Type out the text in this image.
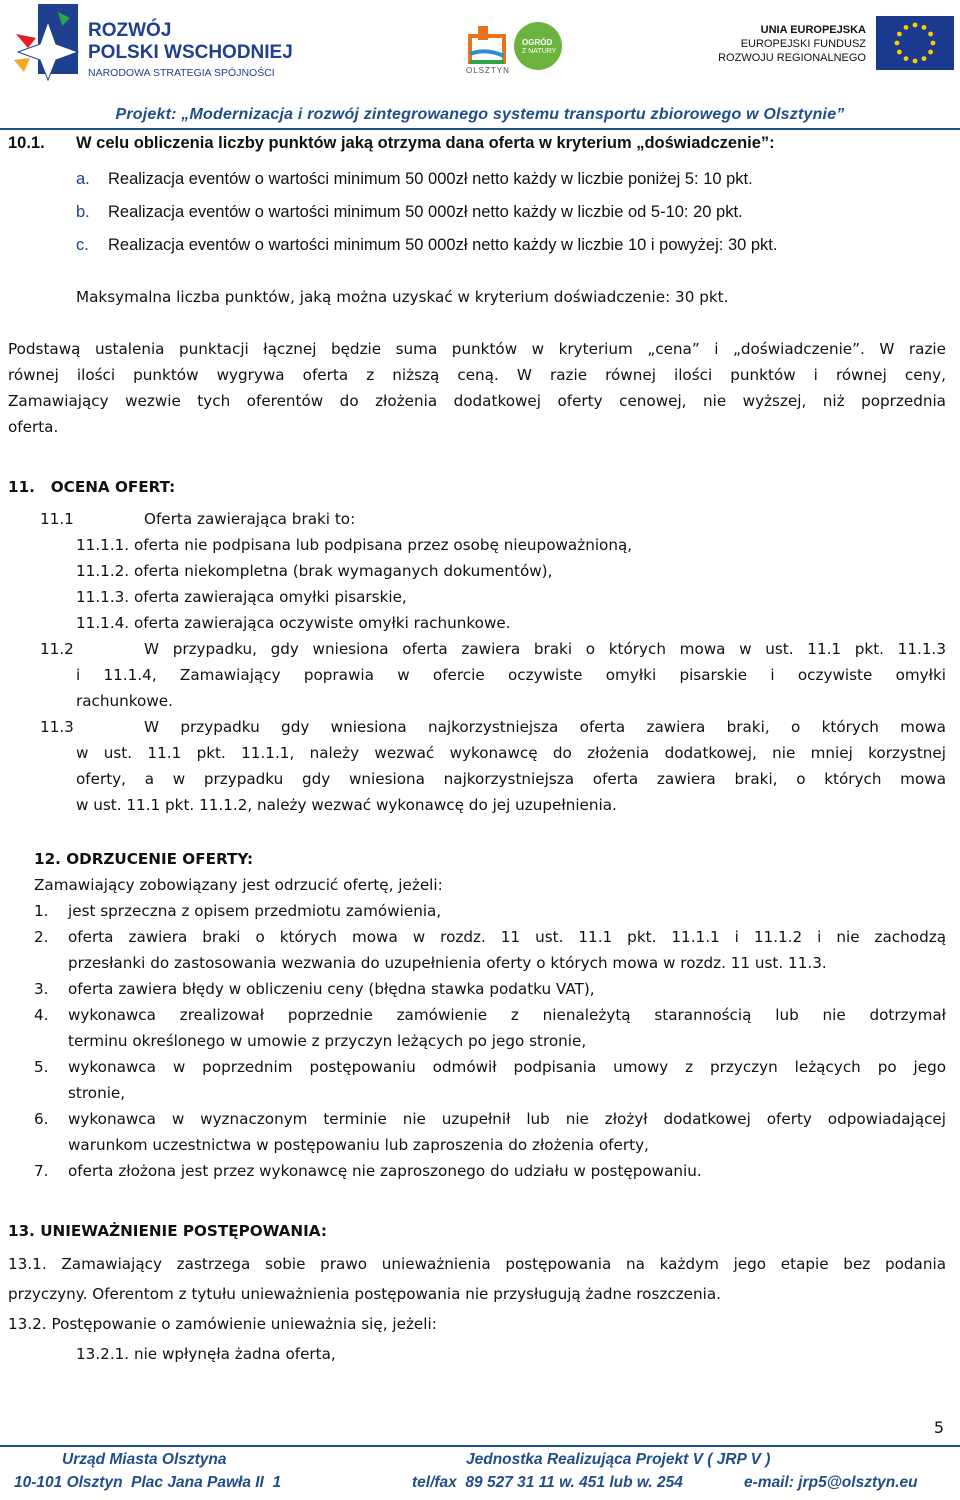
ROZWÓJ
POLSKI WSCHODNIEJ
NARODOWA STRATEGIA SPÓJNOŚCI	OLSZTYN
OGRÓD
Z NATURY
UNIA EUROPEJSKA
EUROPEJSKI FUNDUSZ
ROZWOJU REGIONALNEGO
Projekt: „Modernizacja i rozwój zintegrowanego systemu transportu zbiorowego w Olsztynie”
10.1. W celu obliczenia liczby punktów jaką otrzyma dana oferta w kryterium „doświadczenie”:
a. Realizacja eventów o wartości minimum 50 000zł netto każdy w liczbie poniżej 5: 10 pkt.
b. Realizacja eventów o wartości minimum 50 000zł netto każdy w liczbie od 5-10: 20 pkt.
c. Realizacja eventów o wartości minimum 50 000zł netto każdy w liczbie 10 i powyżej: 30 pkt.
Maksymalna liczba punktów, jaką można uzyskać w kryterium doświadczenie: 30 pkt.
Podstawą ustalenia punktacji łącznej będzie suma punktów w kryterium „cena” i „doświadczenie”. W razie
równej ilości punktów wygrywa oferta z niższą ceną. W razie równej ilości punktów i równej ceny,
Zamawiający wezwie tych oferentów do złożenia dodatkowej oferty cenowej, nie wyższej, niż poprzednia
oferta.
11.   OCENA OFERT:
11.1	Oferta zawierająca braki to:
11.1.1. oferta nie podpisana lub podpisana przez osobę nieupoważnioną,
11.1.2. oferta niekompletna (brak wymaganych dokumentów),
11.1.3. oferta zawierająca omyłki pisarskie,
11.1.4. oferta zawierająca oczywiste omyłki rachunkowe.
11.2	W przypadku, gdy wniesiona oferta zawiera braki o których mowa w ust. 11.1 pkt. 11.1.3
i 11.1.4, Zamawiający poprawia w ofercie oczywiste omyłki pisarskie i oczywiste omyłki
rachunkowe.
11.3	W przypadku gdy wniesiona najkorzystniejsza oferta zawiera braki, o których mowa
w ust. 11.1 pkt. 11.1.1, należy wezwać wykonawcę do złożenia dodatkowej, nie mniej korzystnej
oferty, a w przypadku gdy wniesiona najkorzystniejsza oferta zawiera braki, o których mowa
w ust. 11.1 pkt. 11.1.2, należy wezwać wykonawcę do jej uzupełnienia.
12. ODRZUCENIE OFERTY:
Zamawiający zobowiązany jest odrzucić ofertę, jeżeli:
1. jest sprzeczna z opisem przedmiotu zamówienia,
2. oferta zawiera braki o których mowa w rozdz. 11 ust. 11.1 pkt. 11.1.1 i 11.1.2 i nie zachodzą
przesłanki do zastosowania wezwania do uzupełnienia oferty o których mowa w rozdz. 11 ust. 11.3.
3. oferta zawiera błędy w obliczeniu ceny (błędna stawka podatku VAT),
4. wykonawca zrealizował poprzednie zamówienie z nienależytą starannością lub nie dotrzymał
terminu określonego w umowie z przyczyn leżących po jego stronie,
5. wykonawca w poprzednim postępowaniu odmówił podpisania umowy z przyczyn leżących po jego
stronie,
6. wykonawca w wyznaczonym terminie nie uzupełnił lub nie złożył dodatkowej oferty odpowiadającej
warunkom uczestnictwa w postępowaniu lub zaproszenia do złożenia oferty,
7. oferta złożona jest przez wykonawcę nie zaproszonego do udziału w postępowaniu.
13. UNIEWAŻNIENIE POSTĘPOWANIA:
13.1. Zamawiający zastrzega sobie prawo unieważnienia postępowania na każdym jego etapie bez podania
przyczyny. Oferentom z tytułu unieważnienia postępowania nie przysługują żadne roszczenia.
13.2. Postępowanie o zamówienie unieważnia się, jeżeli:
13.2.1. nie wpłynęła żadna oferta,
5
Urząd Miasta Olsztyna	Jednostka Realizująca Projekt V ( JRP V )
10-101 Olsztyn  Plac Jana Pawła II  1	tel/fax  89 527 31 11 w. 451 lub w. 254	e-mail: jrp5@olsztyn.eu
